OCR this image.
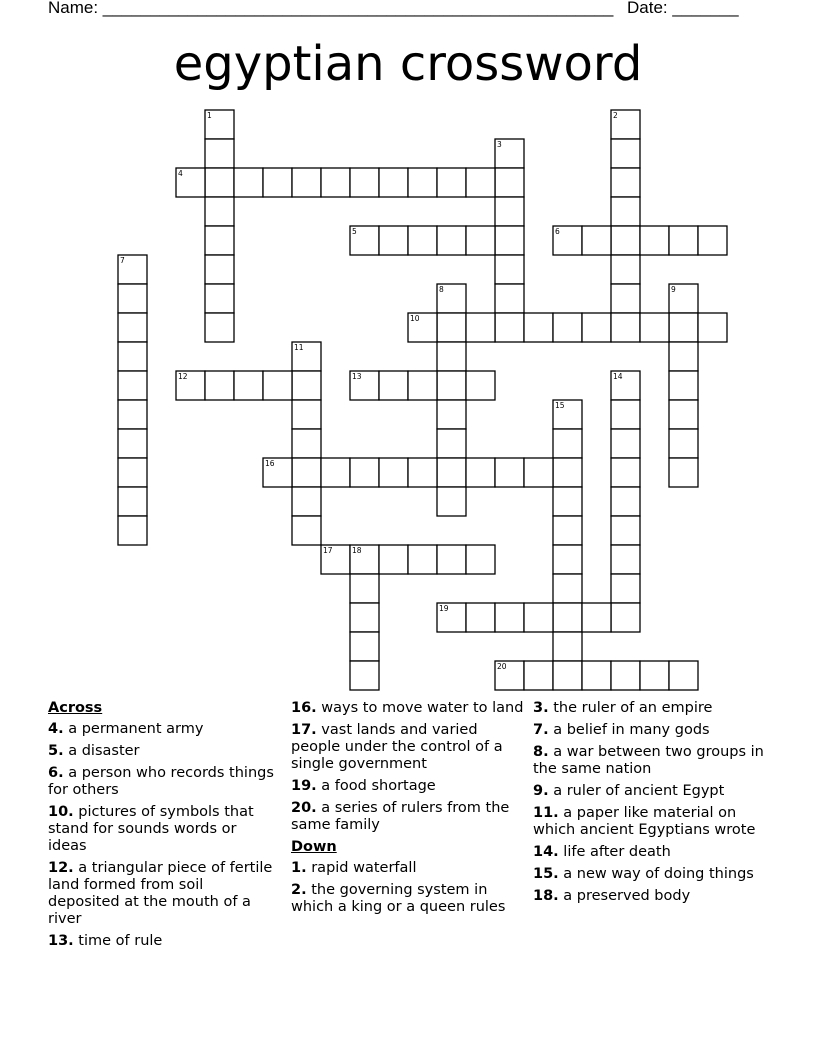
Name: ______________________________________________________ Date: _______
egyptian crossword
1	2
3
4
5	6
7
8	9
10
11
12	13	14
15
16
17	18
19
20
Across
4. a permanent army
5. a disaster
6. a person who records things for others
10. pictures of symbols that stand for sounds words or ideas
12. a triangular piece of fertile land formed from soil deposited at the mouth of a river
13. time of rule
16. ways to move water to land
17. vast lands and varied people under the control of a single government
19. a food shortage
20. a series of rulers from the same family
Down
1. rapid waterfall
2. the governing system in which a king or a queen rules
3. the ruler of an empire
7. a belief in many gods
8. a war between two groups in the same nation
9. a ruler of ancient Egypt
11. a paper like material on which ancient Egyptians wrote
14. life after death
15. a new way of doing things
18. a preserved body
